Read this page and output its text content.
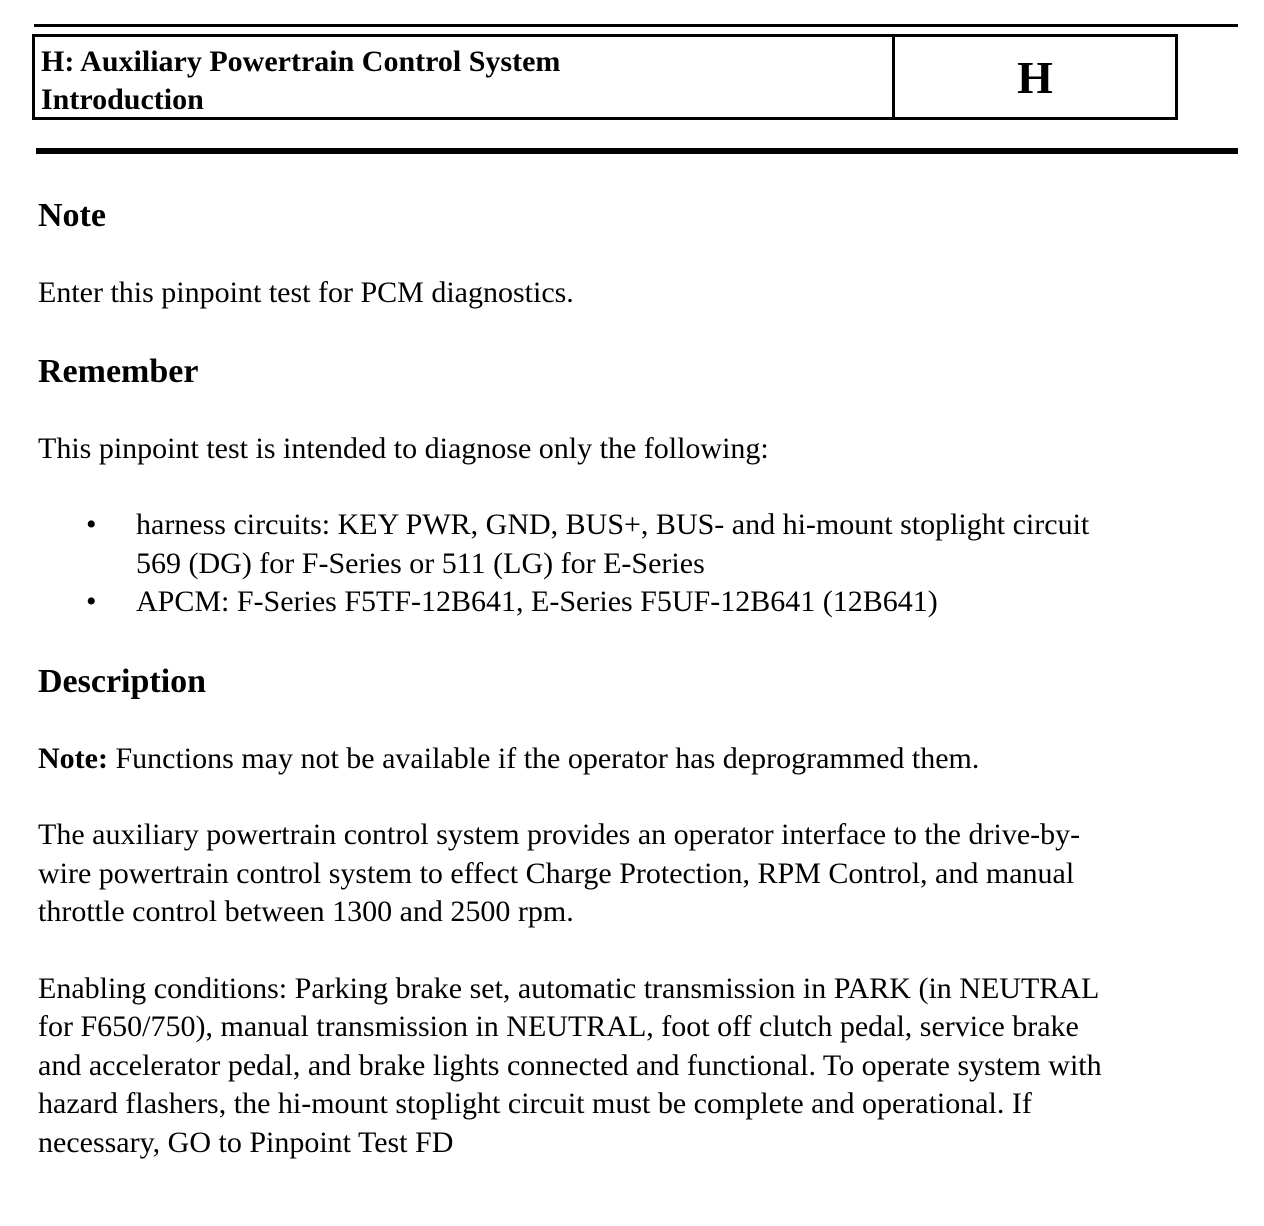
H: Auxiliary Powertrain Control System
Introduction	H
Note

Enter this pinpoint test for PCM diagnostics.

Remember

This pinpoint test is intended to diagnose only the following:

• harness circuits: KEY PWR, GND, BUS+, BUS- and hi-mount stoplight circuit
569 (DG) for F-Series or 511 (LG) for E-Series
• APCM: F-Series F5TF-12B641, E-Series F5UF-12B641 (12B641)
Description

Note: Functions may not be available if the operator has deprogrammed them.

The auxiliary powertrain control system provides an operator interface to the drive-by-
wire powertrain control system to effect Charge Protection, RPM Control, and manual
throttle control between 1300 and 2500 rpm.
Enabling conditions: Parking brake set, automatic transmission in PARK (in NEUTRAL
for F650/750), manual transmission in NEUTRAL, foot off clutch pedal, service brake
and accelerator pedal, and brake lights connected and functional. To operate system with
hazard flashers, the hi-mount stoplight circuit must be complete and operational. If
necessary, GO to Pinpoint Test FD
